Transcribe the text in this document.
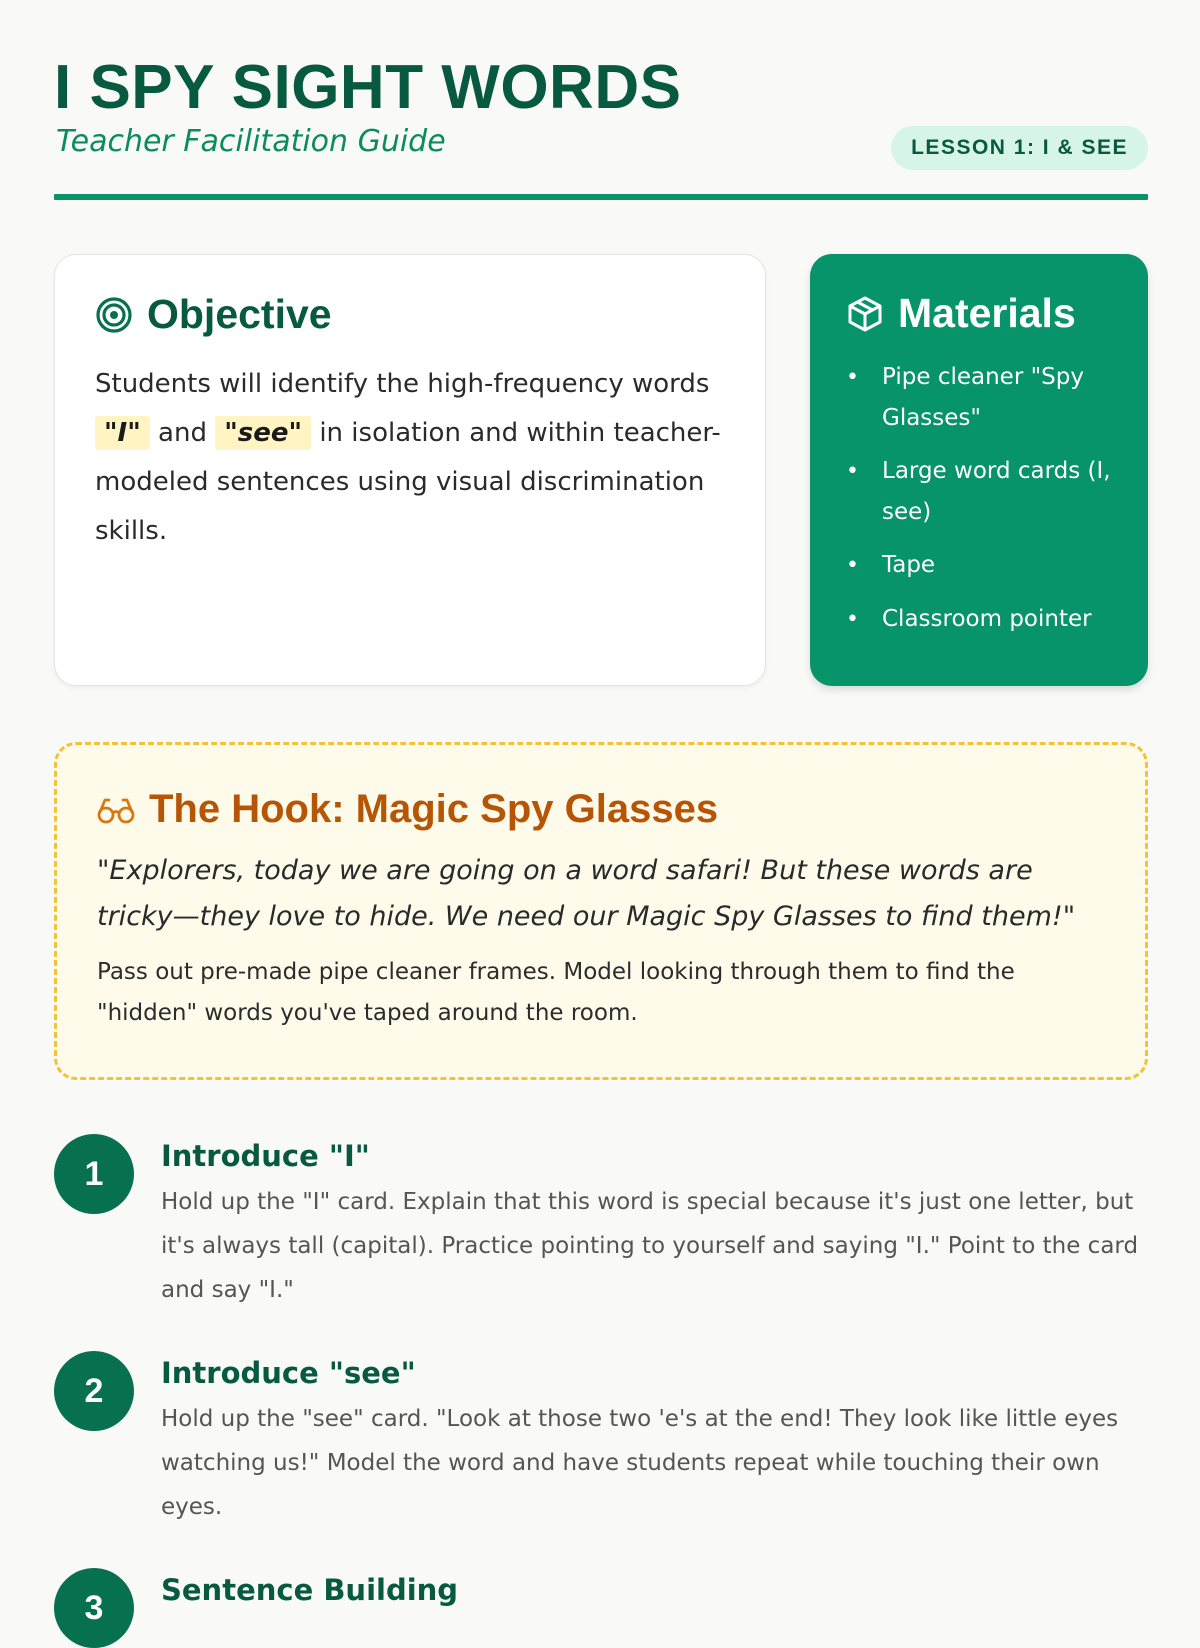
I SPY SIGHT WORDS

Teacher Facilitation Guide	LESSON 1: I & SEE
Objective

Students will identify the high-frequency words "I" and "see" in isolation and within teacher-modeled sentences using visual discrimination skills.

Materials
• Pipe cleaner "Spy Glasses"
• Large word cards (I, see)
• Tape
• Classroom pointer
The Hook: Magic Spy Glasses

"Explorers, today we are going on a word safari! But these words are tricky—they love to hide. We need our Magic Spy Glasses to find them!"

Pass out pre-made pipe cleaner frames. Model looking through them to find the "hidden" words you've taped around the room.

1	Introduce "I"

Hold up the "I" card. Explain that this word is special because it's just one letter, but it's always tall (capital). Practice pointing to yourself and saying "I." Point to the card and say "I."

2	Introduce "see"

Hold up the "see" card. "Look at those two 'e's at the end! They look like little eyes watching us!" Model the word and have students repeat while touching their own eyes.

3	Sentence Building
